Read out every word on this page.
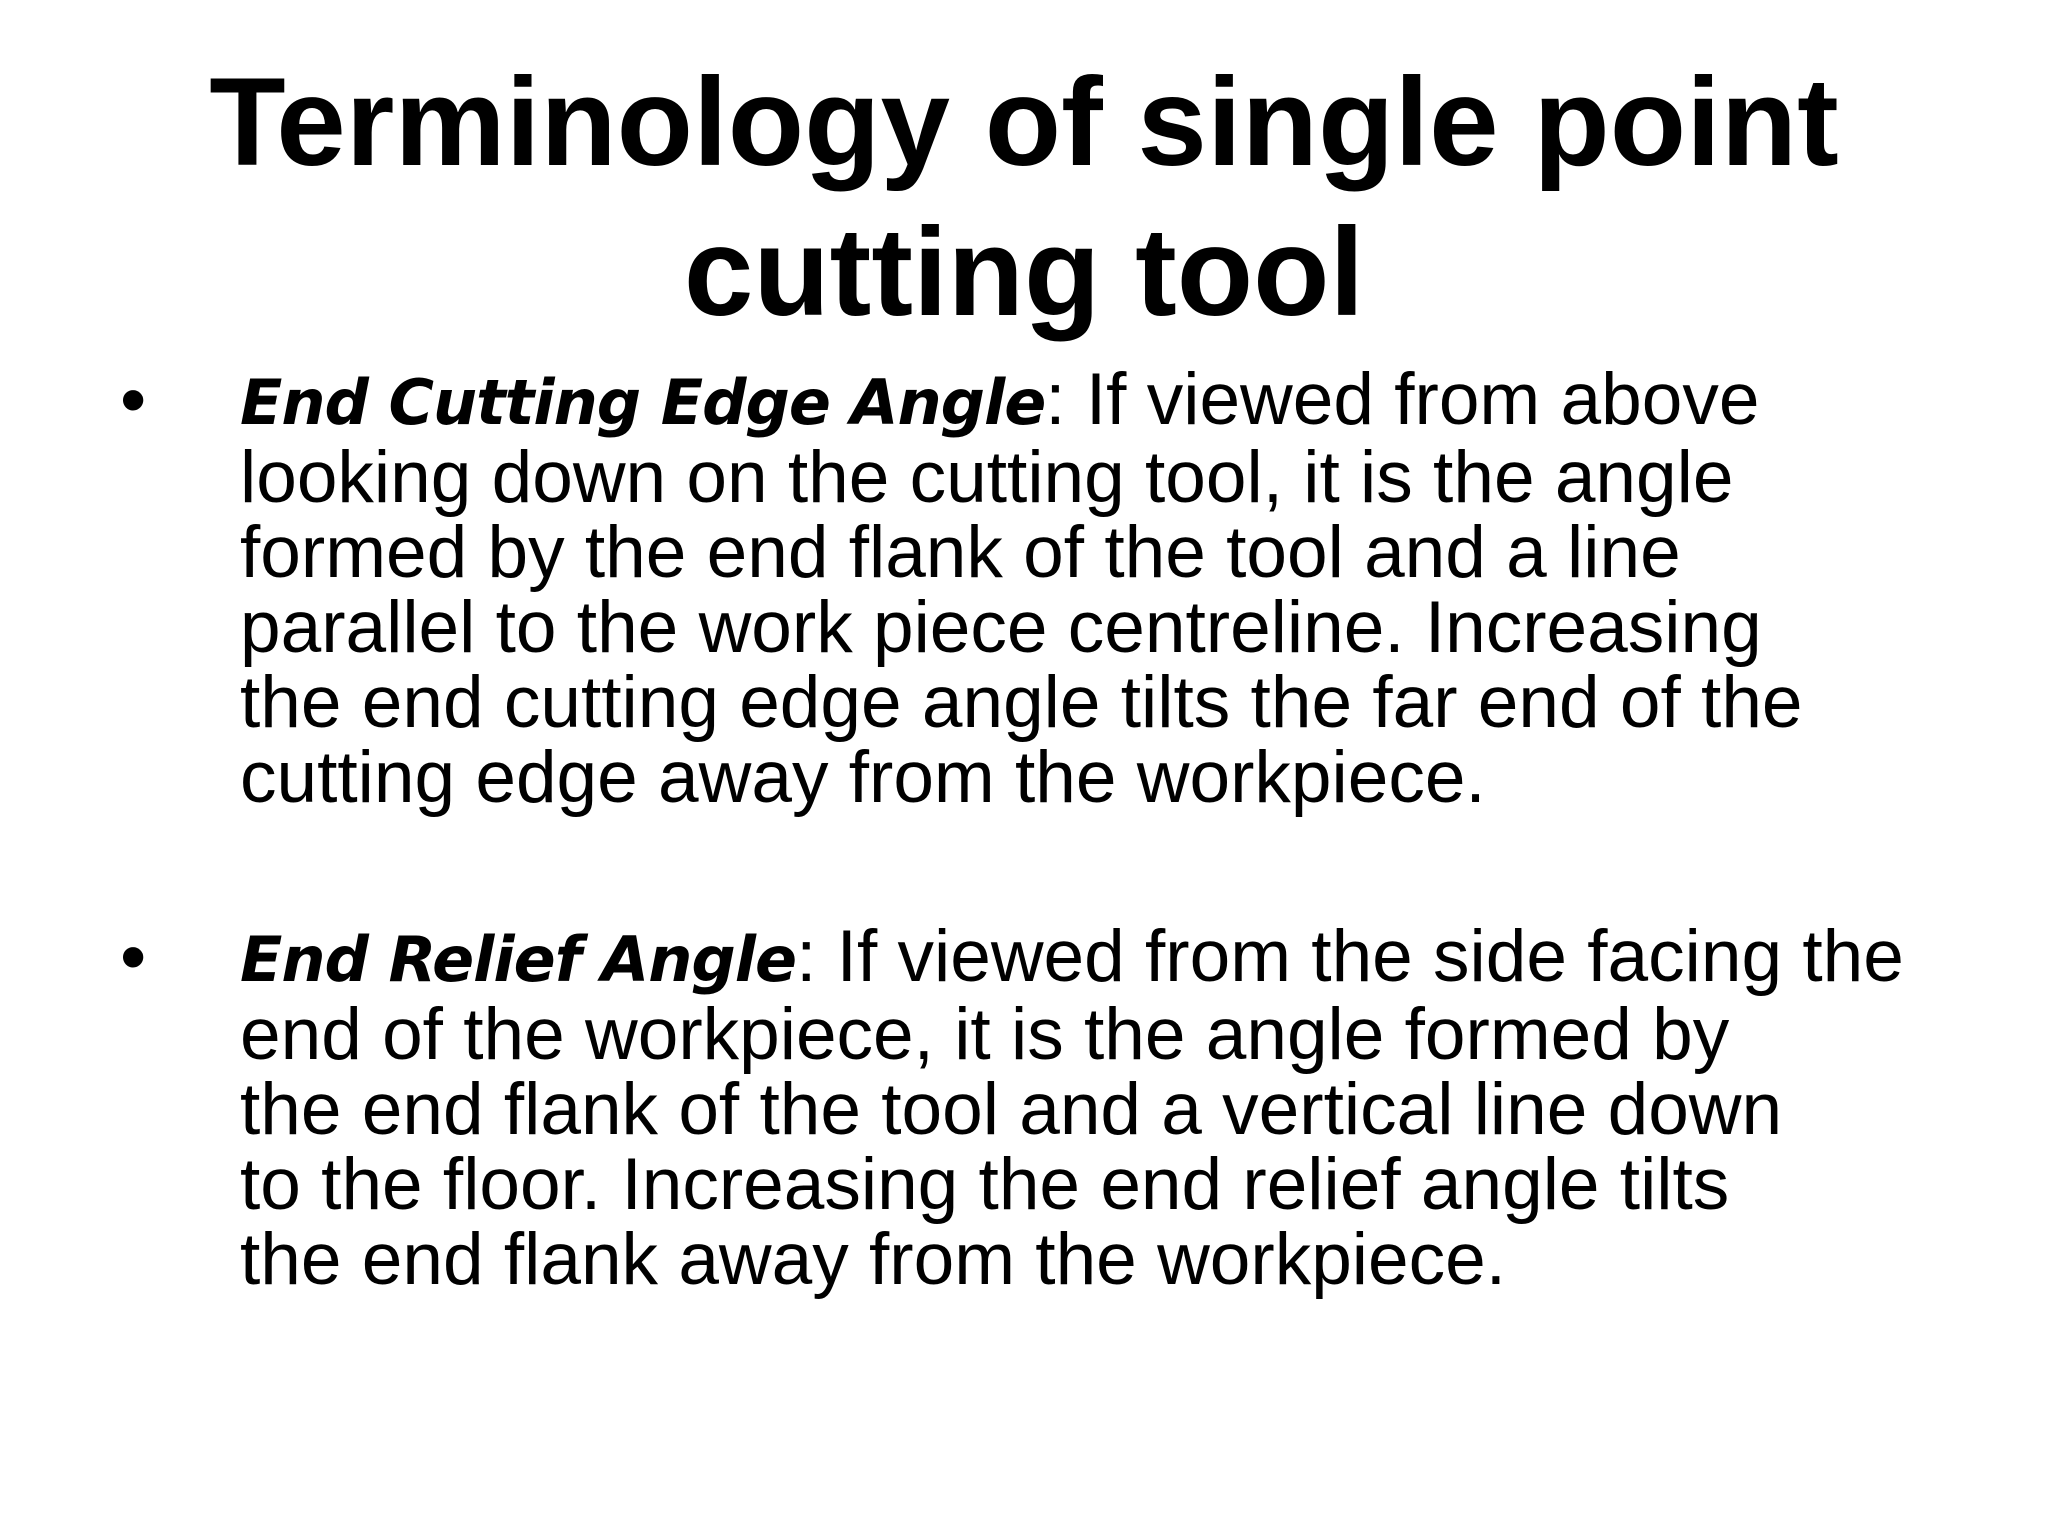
Terminology of single point
cutting tool
• End Cutting Edge Angle: If viewed from above
looking down on the cutting tool, it is the angle
formed by the end flank of the tool and a line
parallel to the work piece centreline. Increasing
the end cutting edge angle tilts the far end of the
cutting edge away from the workpiece.
• End Relief Angle: If viewed from the side facing the
end of the workpiece, it is the angle formed by
the end flank of the tool and a vertical line down
to the floor. Increasing the end relief angle tilts
the end flank away from the workpiece.
